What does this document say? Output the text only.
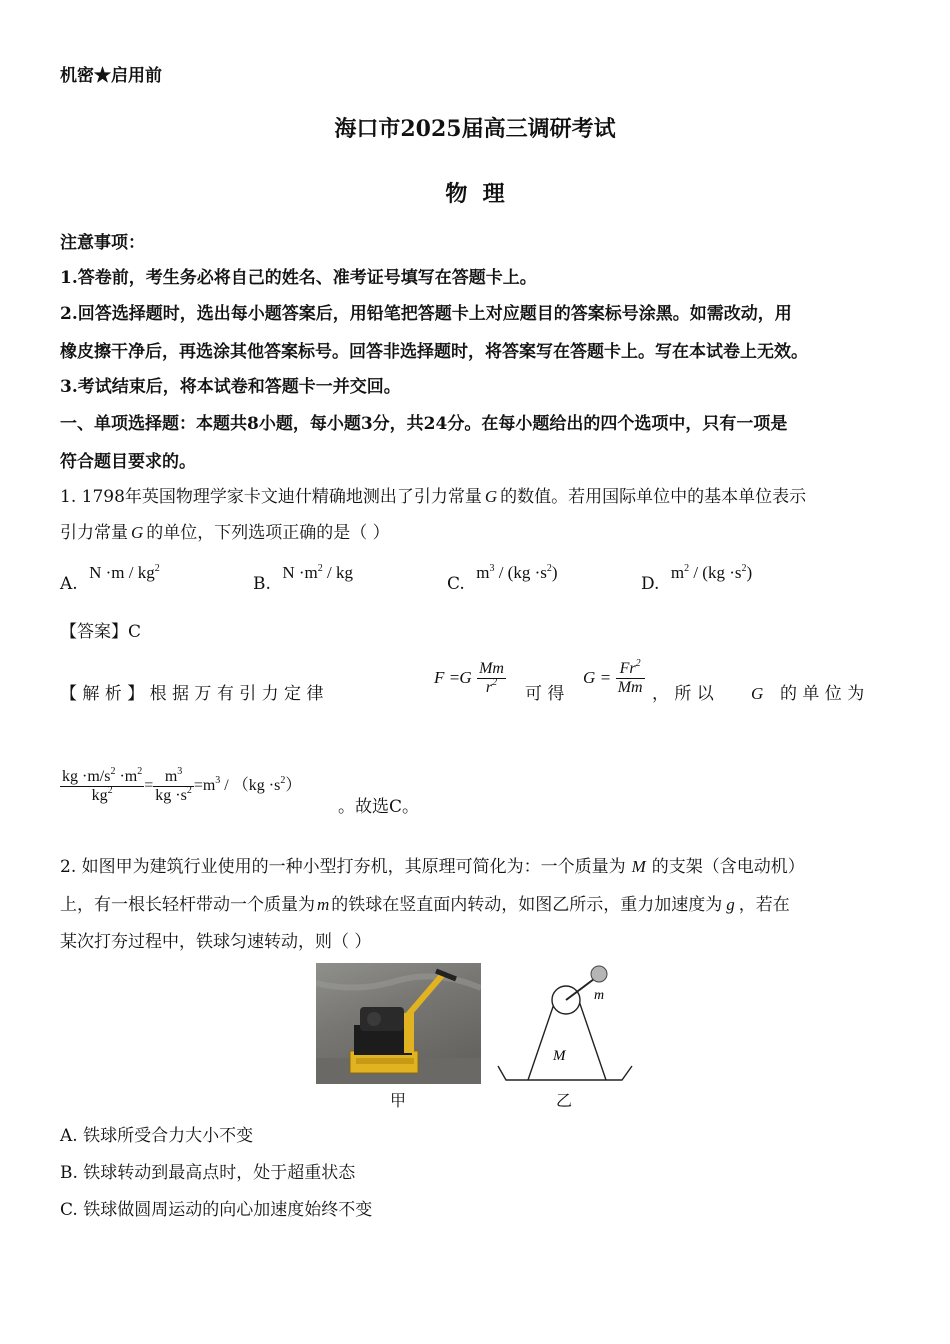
机密★启用前
海口市2025届高三调研考试
物  理
注意事项：
1.答卷前，考生务必将自己的姓名、准考证号填写在答题卡上。
2.回答选择题时，选出每小题答案后，用铅笔把答题卡上对应题目的答案标号涂黑。如需改动，用
橡皮擦干净后，再选涂其他答案标号。回答非选择题时，将答案写在答题卡上。写在本试卷上无效。
3.考试结束后，将本试卷和答题卡一并交回。
一、单项选择题：本题共8小题，每小题3分，共24分。在每小题给出的四个选项中，只有一项是
符合题目要求的。
1. 1798年英国物理学家卡文迪什精确地测出了引力常量 G 的数值。若用国际单位中的基本单位表示
引力常量 G 的单位，下列选项正确的是（ ）
A. $N \cdot m / kg^2$
B. $N \cdot m^2$ / kg
C. $m^3 / (kg \cdot s^2)$
D. $m^2 / (kg \cdot s^2)$
【答案】C
【 解 析 】 根 据 万 有 引 力 定 律
$F =G \frac{Mm}{r^2}$ 可 得
$G = \frac{Fr^2}{Mm}$ ， 所 以 G 的 单 位 为
$\frac{kg \cdot m/s^2 \cdot m^2}{kg^2} = \frac{m^3}{kg \cdot s^2} =m^3 / (kg \cdot s^2)$
。故选C。
2. 如图甲为建筑行业使用的一种小型打夯机，其原理可简化为：一个质量为 M 的支架（含电动机）
上，有一根长轻杆带动一个质量为 m 的铁球在竖直面内转动，如图乙所示，重力加速度为 g ，若在
某次打夯过程中，铁球匀速转动，则（ ）
甲
m
M
乙
A. 铁球所受合力大小不变
B. 铁球转动到最高点时，处于超重状态
C. 铁球做圆周运动的向心加速度始终不变
